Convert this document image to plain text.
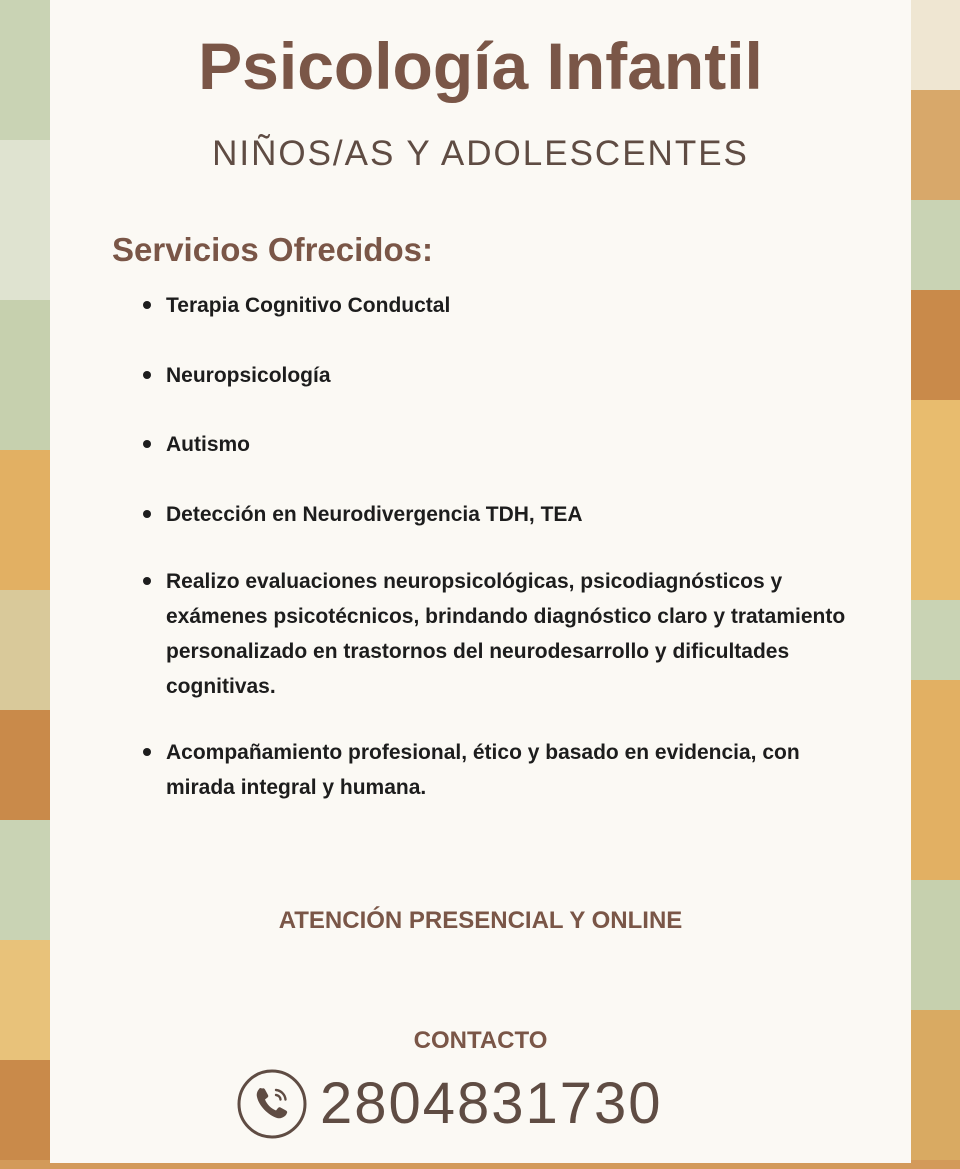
Psicología Infantil
NIÑOS/AS Y ADOLESCENTES
Servicios Ofrecidos:
Terapia Cognitivo Conductal
Neuropsicología
Autismo
Detección en Neurodivergencia TDH, TEA
Realizo evaluaciones neuropsicológicas, psicodiagnósticos y exámenes psicotécnicos, brindando diagnóstico claro y tratamiento personalizado en trastornos del neurodesarrollo y dificultades cognitivas.
Acompañamiento profesional, ético y basado en evidencia, con mirada integral y humana.
ATENCIÓN PRESENCIAL Y ONLINE
CONTACTO
2804831730
